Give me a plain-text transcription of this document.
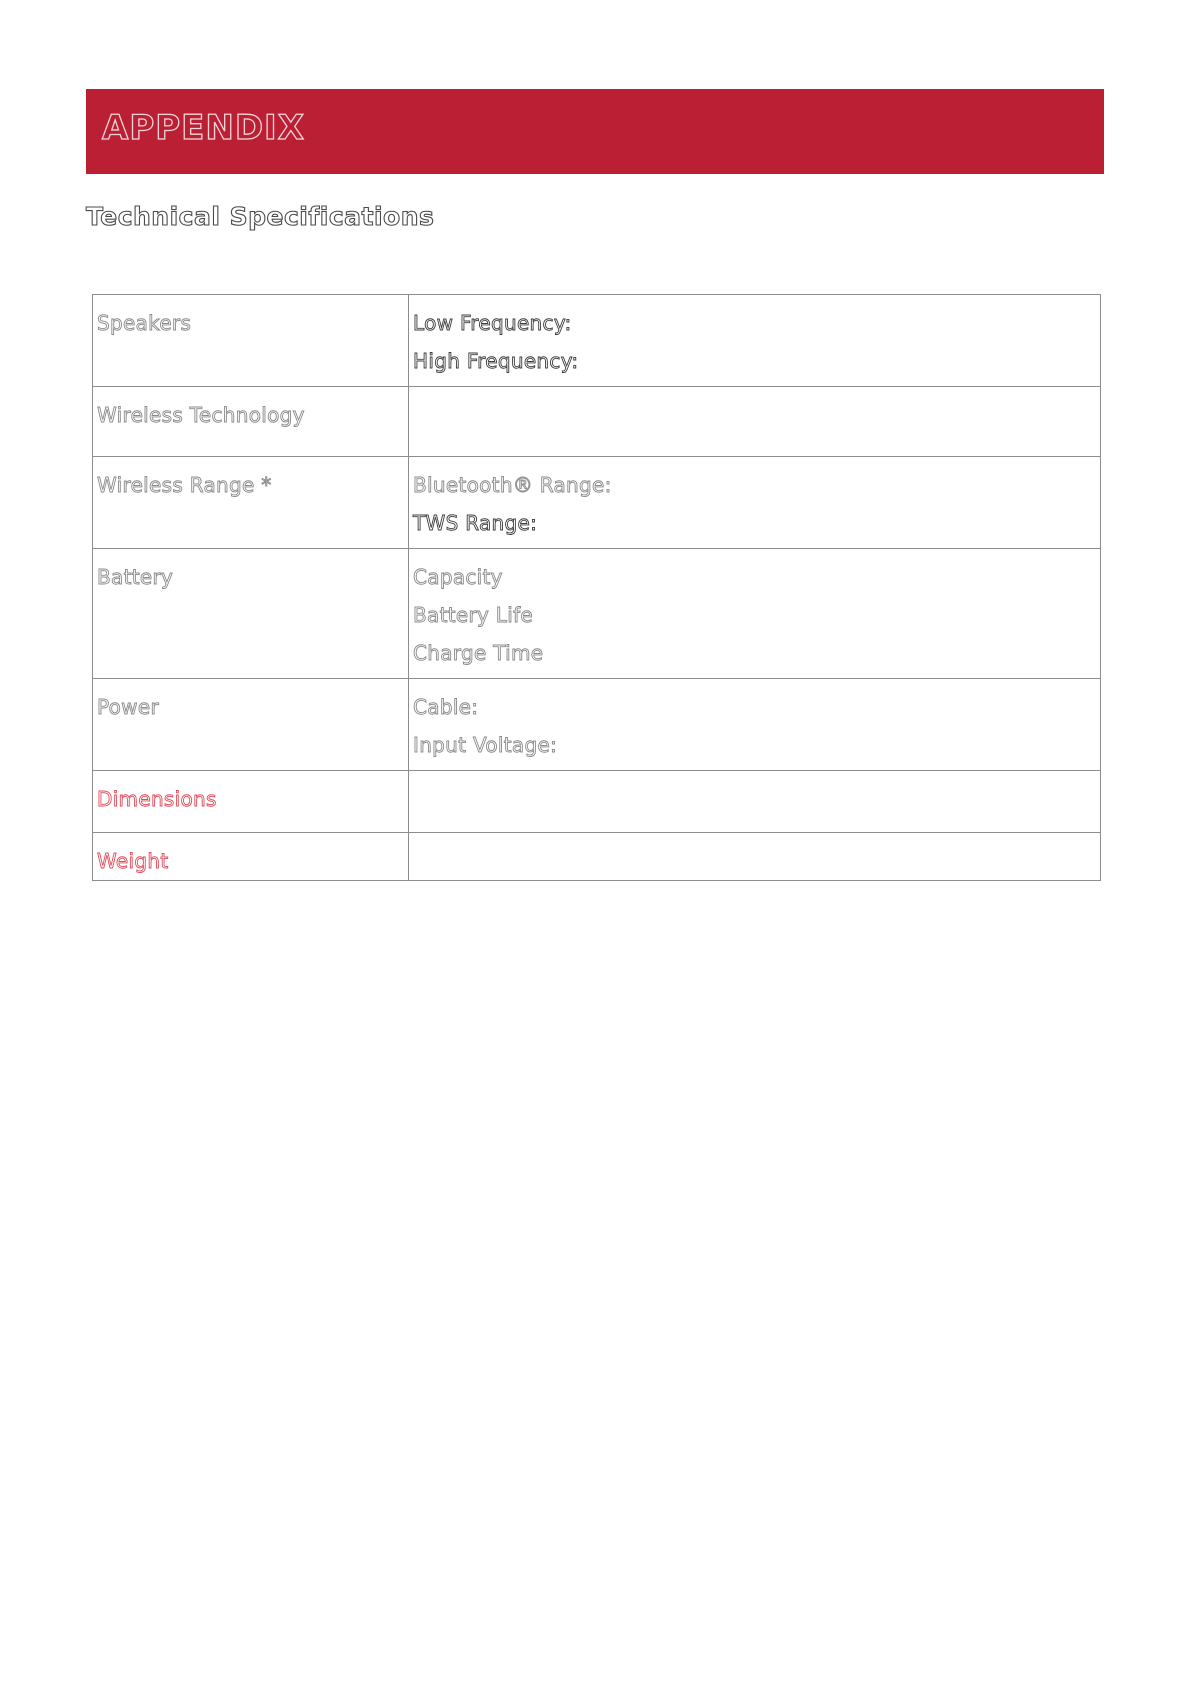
APPENDIX
Technical Specifications
Speakers	Low Frequency:
High Frequency:

Wireless Technology	

Wireless Range *	Bluetooth® Range:
TWS Range:

Battery	Capacity
Battery Life
Charge Time

Power	Cable:
Input Voltage:

Dimensions	

Weight	
